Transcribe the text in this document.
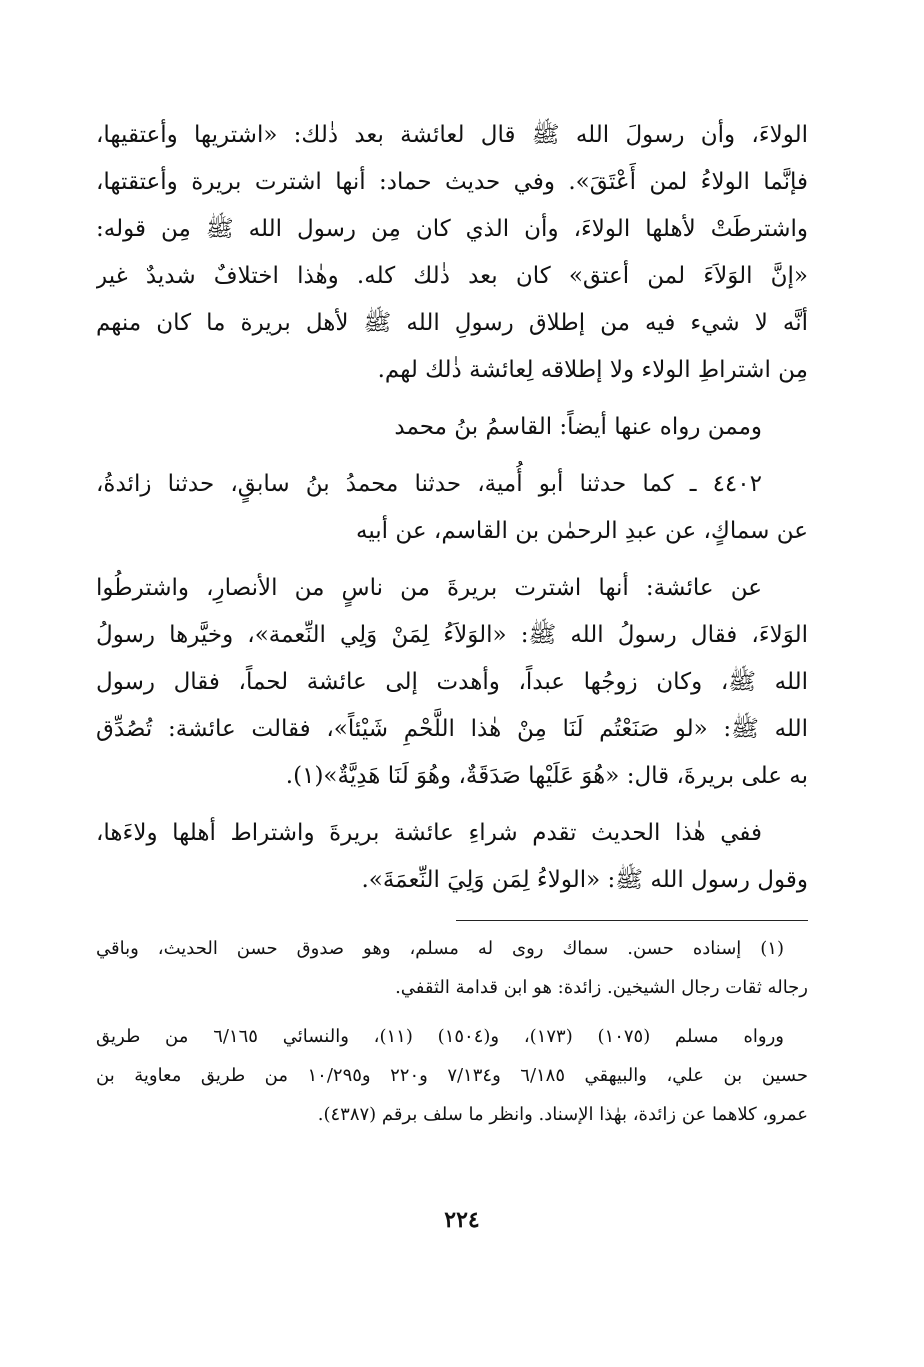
الولاءَ، وأن رسولَ الله ﷺ قال لعائشة بعد ذٰلك: «اشتريها وأعتقيها،
فإنَّما الولاءُ لمن أَعْتَقَ». وفي حديث حماد: أنها اشترت بريرة وأعتقتها،
واشترطَتْ لأهلها الولاءَ، وأن الذي كان مِن رسول الله ﷺ مِن قوله:
«إنَّ الوَلاَءَ لمن أعتق» كان بعد ذٰلك كله. وهٰذا اختلافٌ شديدٌ غير
أنَّه لا شيء فيه من إطلاق رسولِ الله ﷺ لأهل بريرة ما كان منهم
مِن اشتراطِ الولاء ولا إطلاقه لِعائشة ذٰلك لهم.
وممن رواه عنها أيضاً: القاسمُ بنُ محمد
٤٤٠٢ ـ كما حدثنا أبو أُمية، حدثنا محمدُ بنُ سابقٍ، حدثنا زائدةُ،
عن سماكٍ، عن عبدِ الرحمٰن بن القاسم، عن أبيه
عن عائشة: أنها اشترت بريرةَ من ناسٍ من الأنصارِ، واشترطُوا
الوَلاءَ، فقال رسولُ الله ﷺ: «الوَلاَءُ لِمَنْ وَلِي النِّعمة»، وخيَّرها رسولُ
الله ﷺ، وكان زوجُها عبداً، وأهدت إلى عائشة لحماً، فقال رسول
الله ﷺ: «لو صَنَعْتُم لَنَا مِنْ هٰذا اللَّحْمِ شَيْئاً»، فقالت عائشة: تُصُدِّق
به على بريرةَ، قال: «هُوَ عَلَيْها صَدَقَةٌ، وهُوَ لَنَا هَدِيَّةٌ»(١).
ففي هٰذا الحديث تقدم شراءِ عائشة بريرةَ واشتراط أهلها ولاءَها،
وقول رسول الله ﷺ: «الولاءُ لِمَن وَلِيَ النِّعمَةَ».
(١) إسناده حسن. سماك روى له مسلم، وهو صدوق حسن الحديث، وباقي
رجاله ثقات رجال الشيخين. زائدة: هو ابن قدامة الثقفي.
ورواه مسلم (١٠٧٥) (١٧٣)، و(١٥٠٤) (١١)، والنسائي ٦/١٦٥ من طريق
حسين بن علي، والبيهقي ٦/١٨٥ و٧/١٣٤ و٢٢٠ و١٠/٢٩٥ من طريق معاوية بن
عمرو، كلاهما عن زائدة، بهٰذا الإسناد. وانظر ما سلف برقم (٤٣٨٧).
٢٢٤
